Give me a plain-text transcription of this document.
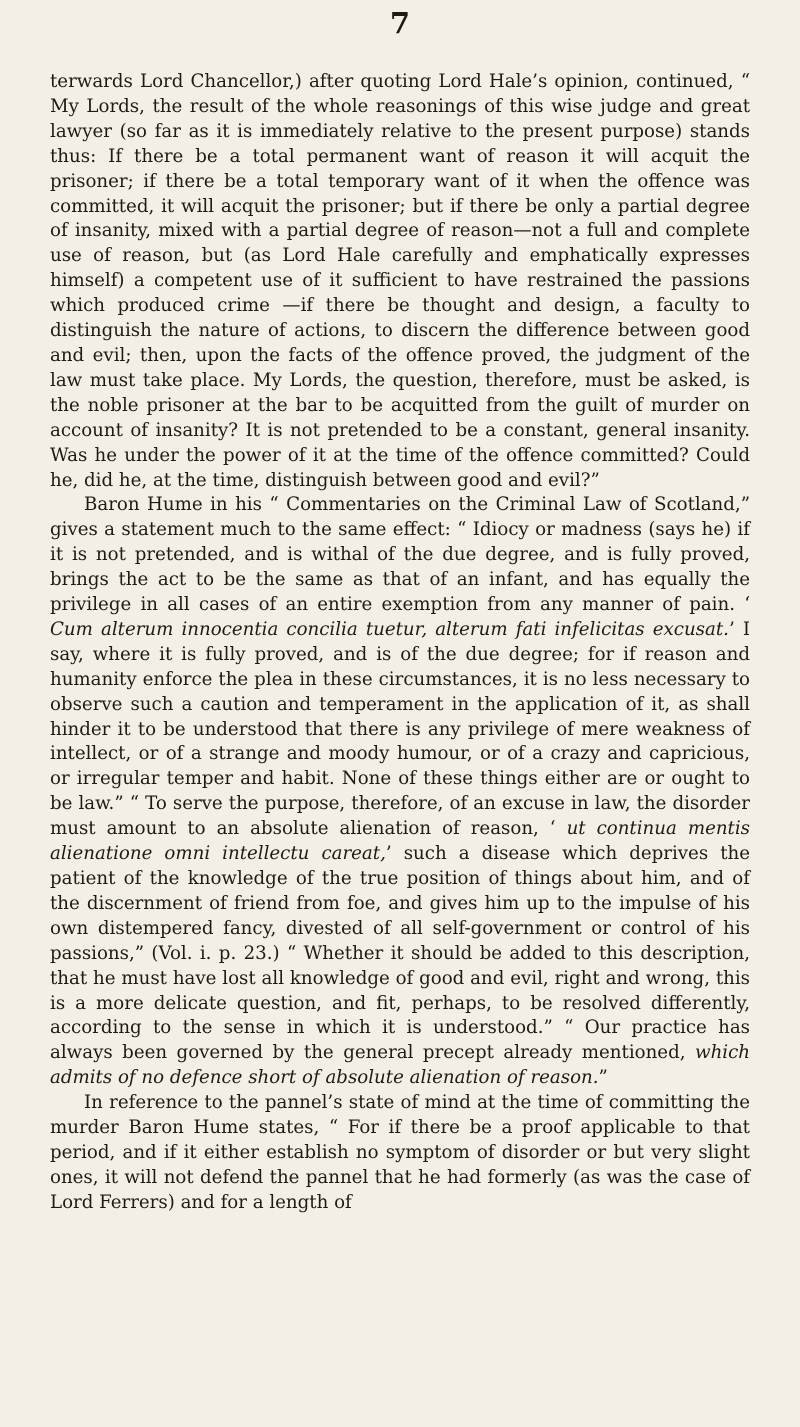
7

terwards Lord Chancellor,) after quoting Lord Hale’s opinion, continued, “ My Lords, the result of the whole reasonings of this wise judge and great lawyer (so far as it is immediately relative to the present purpose) stands thus: If there be a total permanent want of reason it will acquit the prisoner; if there be a total temporary want of it when the offence was committed, it will acquit the prisoner; but if there be only a partial degree of insanity, mixed with a partial degree of reason—not a full and complete use of reason, but (as Lord Hale carefully and emphatically expresses himself) a competent use of it sufficient to have restrained the passions which produced crime —if there be thought and design, a faculty to distinguish the nature of actions, to discern the difference between good and evil; then, upon the facts of the offence proved, the judgment of the law must take place. My Lords, the question, therefore, must be asked, is the noble prisoner at the bar to be acquitted from the guilt of murder on account of insanity? It is not pretended to be a constant, general insanity. Was he under the power of it at the time of the offence committed? Could he, did he, at the time, distinguish between good and evil?”

Baron Hume in his “ Commentaries on the Criminal Law of Scotland,” gives a statement much to the same effect: “ Idiocy or madness (says he) if it is not pretended, and is withal of the due degree, and is fully proved, brings the act to be the same as that of an infant, and has equally the privilege in all cases of an entire exemption from any manner of pain. ‘ Cum alterum innocentia concilia tuetur, alterum fati infelicitas excusat.’ I say, where it is fully proved, and is of the due degree; for if reason and humanity enforce the plea in these circumstances, it is no less necessary to observe such a caution and temperament in the application of it, as shall hinder it to be understood that there is any privilege of mere weakness of intellect, or of a strange and moody humour, or of a crazy and capricious, or irregular temper and habit. None of these things either are or ought to be law.” “ To serve the purpose, therefore, of an excuse in law, the disorder must amount to an absolute alienation of reason, ‘ ut continua mentis alienatione omni intellectu careat,’ such a disease which deprives the patient of the knowledge of the true position of things about him, and of the discernment of friend from foe, and gives him up to the impulse of his own distempered fancy, divested of all self-government or control of his passions,” (Vol. i. p. 23.) “ Whether it should be added to this description, that he must have lost all knowledge of good and evil, right and wrong, this is a more delicate question, and fit, perhaps, to be resolved differently, according to the sense in which it is understood.” “ Our practice has always been governed by the general precept already mentioned, which admits of no defence short of absolute alienation of reason.”

In reference to the pannel’s state of mind at the time of committing the murder Baron Hume states, “ For if there be a proof applicable to that period, and if it either establish no symptom of disorder or but very slight ones, it will not defend the pannel that he had formerly (as was the case of Lord Ferrers) and for a length of
